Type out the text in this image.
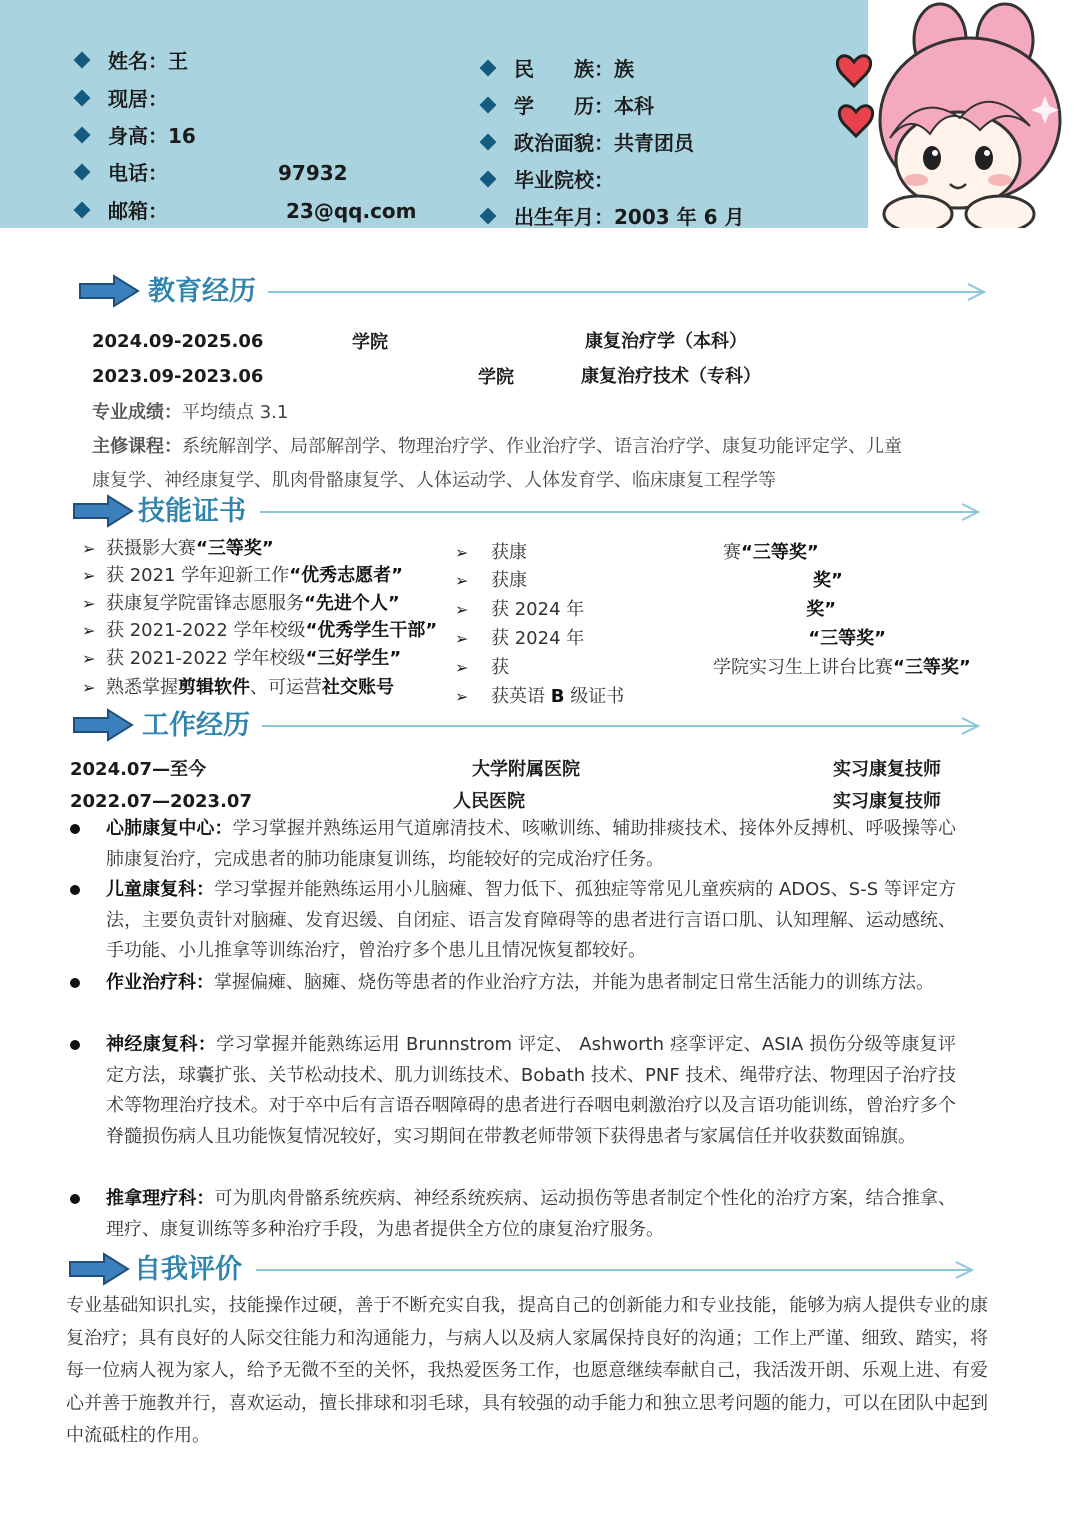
姓名：王
现居：
身高：16
电话：	97932
邮箱：	23@qq.com
民　　族：族
学　　历：本科
政治面貌：共青团员
毕业院校：
出生年月：2003 年 6 月
教育经历
2024.09-2025.06	学院	康复治疗学（本科）
2023.09-2023.06	学院	康复治疗技术（专科）
专业成绩：平均绩点 3.1
主修课程：系统解剖学、局部解剖学、物理治疗学、作业治疗学、语言治疗学、康复功能评定学、儿童
康复学、神经康复学、肌肉骨骼康复学、人体运动学、人体发育学、临床康复工程学等
技能证书
➢ 获摄影大赛“三等奖”
➢ 获 2021 学年迎新工作“优秀志愿者”
➢ 获康复学院雷锋志愿服务“先进个人”
➢ 获 2021-2022 学年校级“优秀学生干部”
➢ 获 2021-2022 学年校级“三好学生”
➢ 熟悉掌握剪辑软件、可运营社交账号
➢ 获康	赛“三等奖”
➢ 获康	奖”
➢ 获 2024 年	奖”
➢ 获 2024 年	“三等奖”
➢ 获	学院实习生上讲台比赛“三等奖”
➢ 获英语 B 级证书
工作经历
2024.07—至今	大学附属医院	实习康复技师
2022.07—2023.07	人民医院	实习康复技师
心肺康复中心：学习掌握并熟练运用气道廓清技术、咳嗽训练、辅助排痰技术、接体外反搏机、呼吸操等心肺康复治疗，完成患者的肺功能康复训练，均能较好的完成治疗任务。
儿童康复科：学习掌握并能熟练运用小儿脑瘫、智力低下、孤独症等常见儿童疾病的 ADOS、S-S 等评定方法，主要负责针对脑瘫、发育迟缓、自闭症、语言发育障碍等的患者进行言语口肌、认知理解、运动感统、手功能、小儿推拿等训练治疗，曾治疗多个患儿且情况恢复都较好。
作业治疗科：掌握偏瘫、脑瘫、烧伤等患者的作业治疗方法，并能为患者制定日常生活能力的训练方法。
神经康复科：学习掌握并能熟练运用 Brunnstrom 评定、 Ashworth 痉挛评定、ASIA 损伤分级等康复评定方法，球囊扩张、关节松动技术、肌力训练技术、Bobath 技术、PNF 技术、绳带疗法、物理因子治疗技术等物理治疗技术。对于卒中后有言语吞咽障碍的患者进行吞咽电刺激治疗以及言语功能训练，曾治疗多个脊髓损伤病人且功能恢复情况较好，实习期间在带教老师带领下获得患者与家属信任并收获数面锦旗。
推拿理疗科：可为肌肉骨骼系统疾病、神经系统疾病、运动损伤等患者制定个性化的治疗方案，结合推拿、理疗、康复训练等多种治疗手段，为患者提供全方位的康复治疗服务。
自我评价
专业基础知识扎实，技能操作过硬，善于不断充实自我，提高自己的创新能力和专业技能，能够为病人提供专业的康复治疗；具有良好的人际交往能力和沟通能力，与病人以及病人家属保持良好的沟通；工作上严谨、细致、踏实，将每一位病人视为家人，给予无微不至的关怀，我热爱医务工作，也愿意继续奉献自己，我活泼开朗、乐观上进、有爱心并善于施教并行，喜欢运动，擅长排球和羽毛球，具有较强的动手能力和独立思考问题的能力，可以在团队中起到中流砥柱的作用。
